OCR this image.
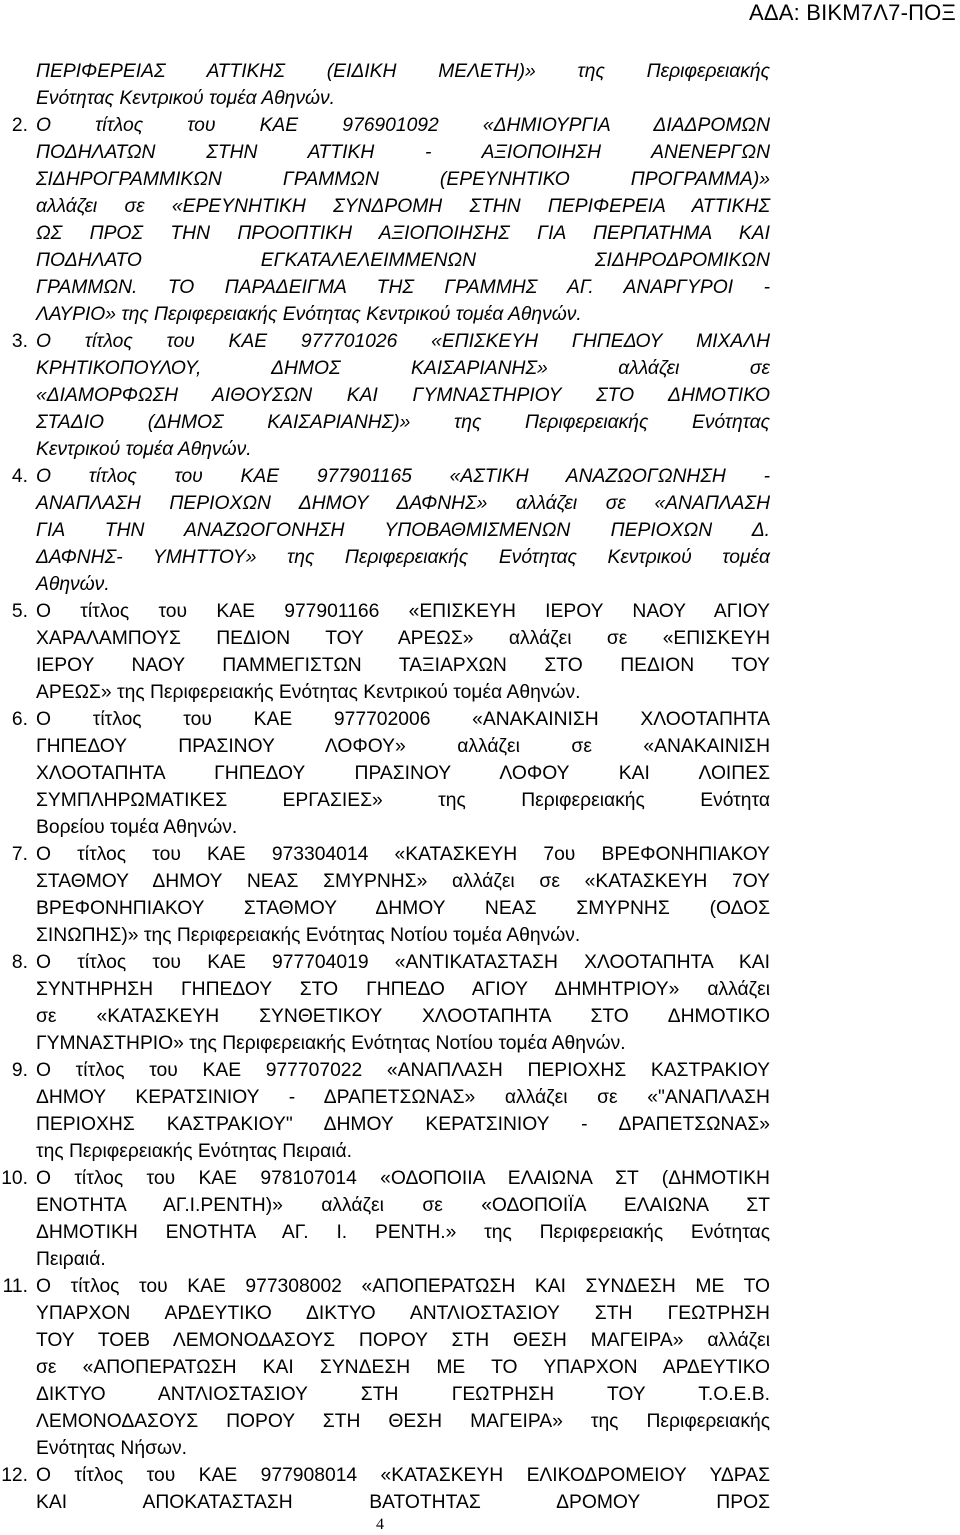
ΑΔΑ: ΒΙΚΜ7Λ7-ΠΟΞ
ΠΕΡΙΦΕΡΕΙΑΣ ΑΤΤΙΚΗΣ (ΕΙΔΙΚΗ ΜΕΛΕΤΗ)» της Περιφερειακής
Ενότητας Κεντρικού τομέα Αθηνών.
2. Ο τίτλος του ΚΑΕ 976901092 «ΔΗΜΙΟΥΡΓΙΑ ΔΙΑΔΡΟΜΩΝ
ΠΟΔΗΛΑΤΩΝ ΣΤΗΝ ΑΤΤΙΚΗ - ΑΞΙΟΠΟΙΗΣΗ ΑΝΕΝΕΡΓΩΝ
ΣΙΔΗΡΟΓΡΑΜΜΙΚΩΝ ΓΡΑΜΜΩΝ (ΕΡΕΥΝΗΤΙΚΟ ΠΡΟΓΡΑΜΜΑ)»
αλλάζει σε «ΕΡΕΥΝΗΤΙΚΗ ΣΥΝΔΡΟΜΗ ΣΤΗΝ ΠΕΡΙΦΕΡΕΙΑ ΑΤΤΙΚΗΣ
ΩΣ ΠΡΟΣ ΤΗΝ ΠΡΟΟΠΤΙΚΗ ΑΞΙΟΠΟΙΗΣΗΣ ΓΙΑ ΠΕΡΠΑΤΗΜΑ ΚΑΙ
ΠΟΔΗΛΑΤΟ ΕΓΚΑΤΑΛΕΛΕΙΜΜΕΝΩΝ ΣΙΔΗΡΟΔΡΟΜΙΚΩΝ
ΓΡΑΜΜΩΝ. ΤΟ ΠΑΡΑΔΕΙΓΜΑ ΤΗΣ ΓΡΑΜΜΗΣ ΑΓ. ΑΝΑΡΓΥΡΟΙ -
ΛΑΥΡΙΟ» της Περιφερειακής Ενότητας Κεντρικού τομέα Αθηνών.
3. Ο τίτλος του ΚΑΕ 977701026 «ΕΠΙΣΚΕΥΗ ΓΗΠΕΔΟΥ ΜΙΧΑΛΗ
ΚΡΗΤΙΚΟΠΟΥΛΟΥ, ΔΗΜΟΣ ΚΑΙΣΑΡΙΑΝΗΣ» αλλάζει σε
«ΔΙΑΜΟΡΦΩΣΗ ΑΙΘΟΥΣΩΝ ΚΑΙ ΓΥΜΝΑΣΤΗΡΙΟΥ ΣΤΟ ΔΗΜΟΤΙΚΟ
ΣΤΑΔΙΟ (ΔΗΜΟΣ ΚΑΙΣΑΡΙΑΝΗΣ)» της Περιφερειακής Ενότητας
Κεντρικού τομέα Αθηνών.
4. Ο τίτλος του ΚΑΕ 977901165 «ΑΣΤΙΚΗ ΑΝΑΖΩΟΓΩΝΗΣΗ -
ΑΝΑΠΛΑΣΗ ΠΕΡΙΟΧΩΝ ΔΗΜΟΥ ΔΑΦΝΗΣ» αλλάζει σε «ΑΝΑΠΛΑΣΗ
ΓΙΑ ΤΗΝ ΑΝΑΖΩΟΓΟΝΗΣΗ ΥΠΟΒΑΘΜΙΣΜΕΝΩΝ ΠΕΡΙΟΧΩΝ Δ.
ΔΑΦΝΗΣ- ΥΜΗΤΤΟΥ» της Περιφερειακής Ενότητας Κεντρικού τομέα
Αθηνών.
5. Ο τίτλος του ΚΑΕ 977901166 «ΕΠΙΣΚΕΥΗ ΙΕΡΟΥ ΝΑΟΥ ΑΓΙΟΥ
ΧΑΡΑΛΑΜΠΟΥΣ ΠΕΔΙΟΝ ΤΟΥ ΑΡΕΩΣ» αλλάζει σε «ΕΠΙΣΚΕΥΗ
ΙΕΡΟΥ ΝΑΟΥ ΠΑΜΜΕΓΙΣΤΩΝ ΤΑΞΙΑΡΧΩΝ ΣΤΟ ΠΕΔΙΟΝ ΤΟΥ
ΑΡΕΩΣ» της Περιφερειακής Ενότητας Κεντρικού τομέα Αθηνών.
6. Ο τίτλος του ΚΑΕ 977702006 «ΑΝΑΚΑΙΝΙΣΗ ΧΛΟΟΤΑΠΗΤΑ
ΓΗΠΕΔΟΥ ΠΡΑΣΙΝΟΥ ΛΟΦΟΥ» αλλάζει σε «ΑΝΑΚΑΙΝΙΣΗ
ΧΛΟΟΤΑΠΗΤΑ ΓΗΠΕΔΟΥ ΠΡΑΣΙΝΟΥ ΛΟΦΟΥ ΚΑΙ ΛΟΙΠΕΣ
ΣΥΜΠΛΗΡΩΜΑΤΙΚΕΣ ΕΡΓΑΣΙΕΣ» της Περιφερειακής Ενότητα
Βορείου τομέα Αθηνών.
7. Ο τίτλος του ΚΑΕ 973304014 «ΚΑΤΑΣΚΕΥΗ 7ου ΒΡΕΦΟΝΗΠΙΑΚΟΥ
ΣΤΑΘΜΟΥ ΔΗΜΟΥ ΝΕΑΣ ΣΜΥΡΝΗΣ» αλλάζει σε «ΚΑΤΑΣΚΕΥΗ 7ΟΥ
ΒΡΕΦΟΝΗΠΙΑΚΟΥ ΣΤΑΘΜΟΥ ΔΗΜΟΥ ΝΕΑΣ ΣΜΥΡΝΗΣ (ΟΔΟΣ
ΣΙΝΩΠΗΣ)» της Περιφερειακής Ενότητας Νοτίου τομέα Αθηνών.
8. Ο τίτλος του ΚΑΕ 977704019 «ΑΝΤΙΚΑΤΑΣΤΑΣΗ ΧΛΟΟΤΑΠΗΤΑ ΚΑΙ
ΣΥΝΤΗΡΗΣΗ ΓΗΠΕΔΟΥ ΣΤΟ ΓΗΠΕΔΟ ΑΓΙΟΥ ΔΗΜΗΤΡΙΟΥ» αλλάζει
σε «ΚΑΤΑΣΚΕΥΗ ΣΥΝΘΕΤΙΚΟΥ ΧΛΟΟΤΑΠΗΤΑ ΣΤΟ ΔΗΜΟΤΙΚΟ
ΓΥΜΝΑΣΤΗΡΙΟ» της Περιφερειακής Ενότητας Νοτίου τομέα Αθηνών.
9. Ο τίτλος του ΚΑΕ 977707022 «ΑΝΑΠΛΑΣΗ ΠΕΡΙΟΧΗΣ ΚΑΣΤΡΑΚΙΟΥ
ΔΗΜΟΥ ΚΕΡΑΤΣΙΝΙΟΥ - ΔΡΑΠΕΤΣΩΝΑΣ» αλλάζει σε «"ΑΝΑΠΛΑΣΗ
ΠΕΡΙΟΧΗΣ ΚΑΣΤΡΑΚΙΟΥ" ΔΗΜΟΥ ΚΕΡΑΤΣΙΝΙΟΥ - ΔΡΑΠΕΤΣΩΝΑΣ»
της Περιφερειακής Ενότητας Πειραιά.
10. Ο τίτλος του ΚΑΕ 978107014 «ΟΔΟΠΟΙΙΑ ΕΛΑΙΩΝΑ ΣΤ (ΔΗΜΟΤΙΚΗ
ΕΝΟΤΗΤΑ ΑΓ.Ι.ΡΕΝΤΗ)» αλλάζει σε «ΟΔΟΠΟΙΪΑ ΕΛΑΙΩΝΑ ΣΤ
ΔΗΜΟΤΙΚΗ ΕΝΟΤΗΤΑ ΑΓ. Ι. ΡΕΝΤΗ.» της Περιφερειακής Ενότητας
Πειραιά.
11. Ο τίτλος του ΚΑΕ 977308002 «ΑΠΟΠΕΡΑΤΩΣΗ ΚΑΙ ΣΥΝΔΕΣΗ ΜΕ ΤΟ
ΥΠΑΡΧΟΝ ΑΡΔΕΥΤΙΚΟ ΔΙΚΤΥΟ ΑΝΤΛΙΟΣΤΑΣΙΟΥ ΣΤΗ ΓΕΩΤΡΗΣΗ
ΤΟΥ ΤΟΕΒ ΛΕΜΟΝΟΔΑΣΟΥΣ ΠΟΡΟΥ ΣΤΗ ΘΕΣΗ ΜΑΓΕΙΡΑ» αλλάζει
σε «ΑΠΟΠΕΡΑΤΩΣΗ ΚΑΙ ΣΥΝΔΕΣΗ ΜΕ ΤΟ ΥΠΑΡΧΟΝ ΑΡΔΕΥΤΙΚΟ
ΔΙΚΤΥΟ ΑΝΤΛΙΟΣΤΑΣΙΟΥ ΣΤΗ ΓΕΩΤΡΗΣΗ ΤΟΥ Τ.Ο.Ε.Β.
ΛΕΜΟΝΟΔΑΣΟΥΣ ΠΟΡΟΥ ΣΤΗ ΘΕΣΗ ΜΑΓΕΙΡΑ» της Περιφερειακής
Ενότητας Νήσων.
12. Ο τίτλος του ΚΑΕ 977908014 «ΚΑΤΑΣΚΕΥΗ ΕΛΙΚΟΔΡΟΜΕΙΟΥ ΥΔΡΑΣ
ΚΑΙ ΑΠΟΚΑΤΑΣΤΑΣΗ ΒΑΤΟΤΗΤΑΣ ΔΡΟΜΟΥ ΠΡΟΣ
4
